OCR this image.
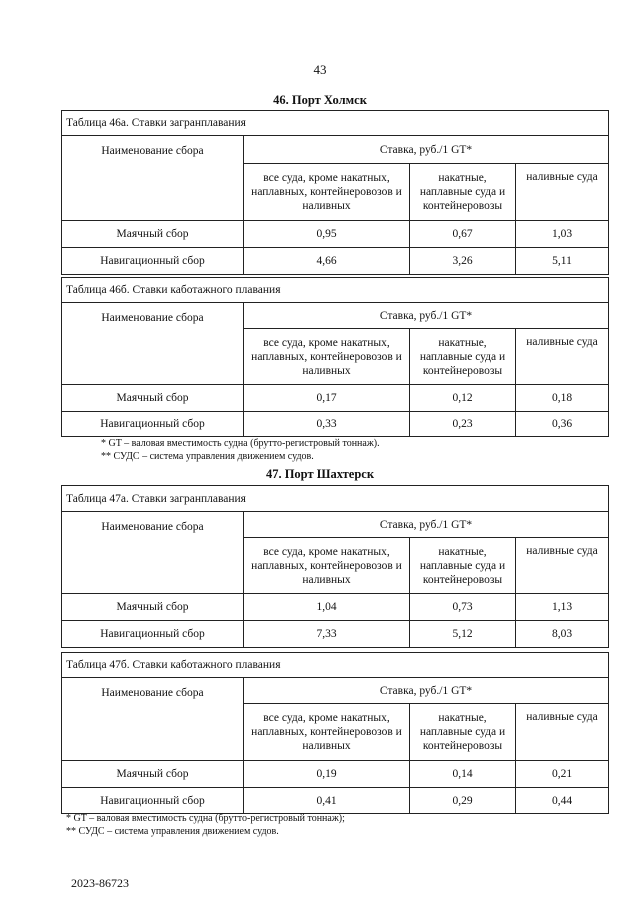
43
46. Порт Холмск
Таблица 46а. Ставки загранплавания			
Наименование сбора	Ставка, руб./1 GT*		
	все суда, кроме накатных, наплавных, контейнеровозов и наливных	накатные, наплавные суда и контейнеровозы	наливные суда
Маячный сбор	0,95	0,67	1,03
Навигационный сбор	4,66	3,26	5,11
Таблица 46б. Ставки каботажного плавания			
Наименование сбора	Ставка, руб./1 GT*		
	все суда, кроме накатных, наплавных, контейнеровозов и наливных	накатные, наплавные суда и контейнеровозы	наливные суда
Маячный сбор	0,17	0,12	0,18
Навигационный сбор	0,33	0,23	0,36
* GT – валовая вместимость судна (брутто-регистровый тоннаж).
** СУДС – система управления движением судов.
47. Порт Шахтерск
Таблица 47а. Ставки загранплавания			
Наименование сбора	Ставка, руб./1 GT*		
	все суда, кроме накатных, наплавных, контейнеровозов и наливных	накатные, наплавные суда и контейнеровозы	наливные суда
Маячный сбор	1,04	0,73	1,13
Навигационный сбор	7,33	5,12	8,03
Таблица 47б. Ставки каботажного плавания			
Наименование сбора	Ставка, руб./1 GT*		
	все суда, кроме накатных, наплавных, контейнеровозов и наливных	накатные, наплавные суда и контейнеровозы	наливные суда
Маячный сбор	0,19	0,14	0,21
Навигационный сбор	0,41	0,29	0,44
* GT – валовая вместимость судна (брутто-регистровый тоннаж);
** СУДС – система управления движением судов.
2023-86723
